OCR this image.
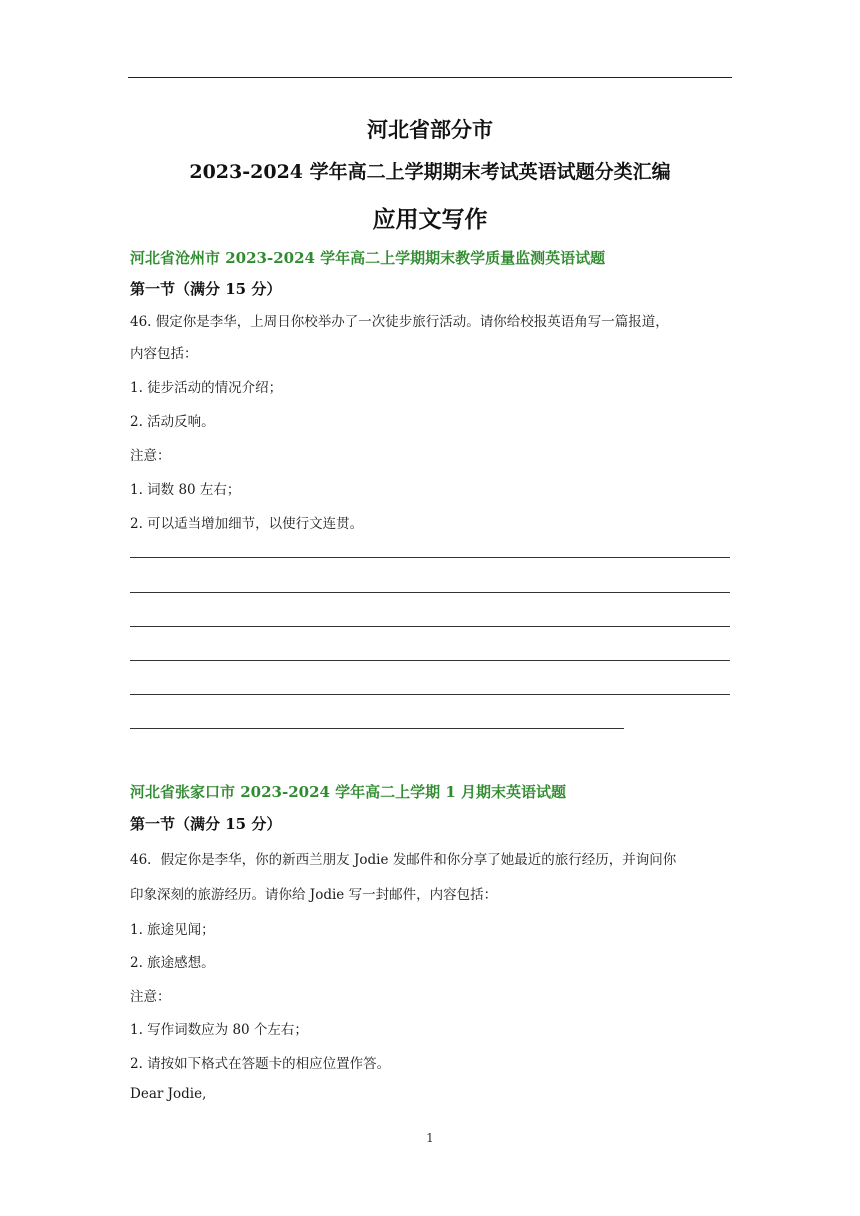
河北省部分市
2023-2024 学年高二上学期期末考试英语试题分类汇编
应用文写作
河北省沧州市 2023-2024 学年高二上学期期末教学质量监测英语试题
第一节（满分 15 分）
46. 假定你是李华，上周日你校举办了一次徒步旅行活动。请你给校报英语角写一篇报道，
内容包括：
1. 徒步活动的情况介绍；
2. 活动反响。
注意：
1. 词数 80 左右；
2. 可以适当增加细节，以使行文连贯。
河北省张家口市 2023-2024 学年高二上学期 1 月期末英语试题
第一节（满分 15 分）
46．假定你是李华，你的新西兰朋友 Jodie 发邮件和你分享了她最近的旅行经历，并询问你
印象深刻的旅游经历。请你给 Jodie 写一封邮件，内容包括：
1. 旅途见闻；
2. 旅途感想。
注意：
1. 写作词数应为 80 个左右；
2. 请按如下格式在答题卡的相应位置作答。
Dear Jodie,
1
